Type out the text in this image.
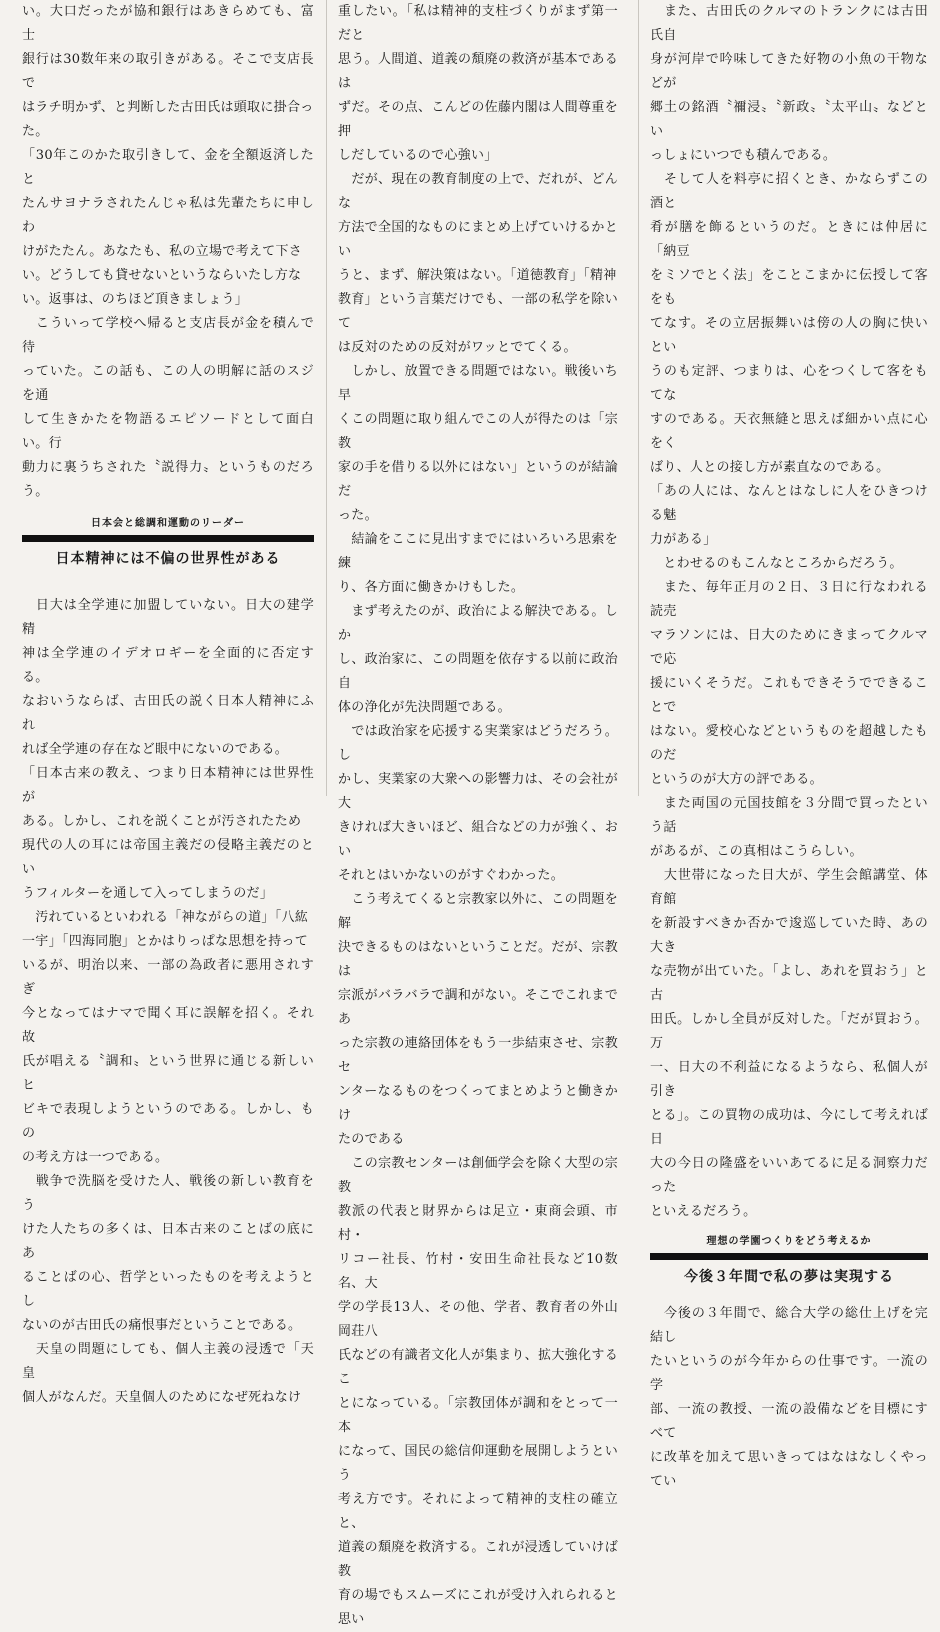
い。大口だったが協和銀行はあきらめても、富士
銀行は30数年来の取引きがある。そこで支店長で
はラチ明かず、と判断した古田氏は頭取に掛合っ
た。
「30年このかた取引きして、金を全額返済したと
たんサヨナラされたんじゃ私は先輩たちに申しわ
けがたたん。あなたも、私の立場で考えて下さ
い。どうしても貸せないというならいたし方な
い。返事は、のちほど頂きましょう」
　こういって学校へ帰ると支店長が金を積んで待
っていた。この話も、この人の明解に話のスジを通
して生きかたを物語るエピソードとして面白い。行
動力に裏うちされた〝説得力〟というものだろう。

日本会と総調和運動のリーダー
日本精神には不偏の世界性がある

　日大は全学連に加盟していない。日大の建学精
神は全学連のイデオロギーを全面的に否定する。
なおいうならば、古田氏の説く日本人精神にふれ
れば全学連の存在など眼中にないのである。
「日本古来の教え、つまり日本精神には世界性が
ある。しかし、これを説くことが汚されたため
現代の人の耳には帝国主義だの侵略主義だのとい
うフィルターを通して入ってしまうのだ」
　汚れているといわれる「神ながらの道」「八紘
一宇」「四海同胞」とかはりっぱな思想を持って
いるが、明治以来、一部の為政者に悪用されすぎ
今となってはナマで聞く耳に誤解を招く。それ故
氏が唱える〝調和〟という世界に通じる新しいヒ
ビキで表現しようというのである。しかし、もの
の考え方は一つである。
　戦争で洗脳を受けた人、戦後の新しい教育をう
けた人たちの多くは、日本古来のことばの底にあ
ることばの心、哲学といったものを考えようとし
ないのが古田氏の痛恨事だということである。
　天皇の問題にしても、個人主義の浸透で「天皇
個人がなんだ。天皇個人のためになぜ死ねなけ

重したい。「私は精神的支柱づくりがまず第一だと
思う。人間道、道義の頽廃の救済が基本であるは
ずだ。その点、こんどの佐藤内閣は人間尊重を押
しだしているので心強い」
　だが、現在の教育制度の上で、だれが、どんな
方法で全国的なものにまとめ上げていけるかとい
うと、まず、解決策はない。「道徳教育」「精神
教育」という言葉だけでも、一部の私学を除いて
は反対のための反対がワッとでてくる。
　しかし、放置できる問題ではない。戦後いち早
くこの問題に取り組んでこの人が得たのは「宗教
家の手を借りる以外にはない」というのが結論だ
った。
　結論をここに見出すまでにはいろいろ思索を練
り、各方面に働きかけもした。
　まず考えたのが、政治による解決である。しか
し、政治家に、この問題を依存する以前に政治自
体の浄化が先決問題である。
　では政治家を応援する実業家はどうだろう。し
かし、実業家の大衆への影響力は、その会社が大
きければ大きいほど、組合などの力が強く、おい
それとはいかないのがすぐわかった。
　こう考えてくると宗教家以外に、この問題を解
決できるものはないということだ。だが、宗教は
宗派がバラバラで調和がない。そこでこれまであ
った宗教の連絡団体をもう一歩結束させ、宗教セ
ンターなるものをつくってまとめようと働きかけ
たのである
　この宗教センターは創価学会を除く大型の宗教
教派の代表と財界からは足立・東商会頭、市村・
リコー社長、竹村・安田生命社長など10数名、大
学の学長13人、その他、学者、教育者の外山岡荘八
氏などの有識者文化人が集まり、拡大強化するこ
とになっている。「宗教団体が調和をとって一本
になって、国民の総信仰運動を展開しようという
考え方です。それによって精神的支柱の確立と、
道義の頽廃を救済する。これが浸透していけば教
育の場でもスムーズにこれが受け入れられると思い

　また、古田氏のクルマのトランクには古田氏自
身が河岸で吟味してきた好物の小魚の干物などが
郷土の銘酒〝禰浸〟〝新政〟〝太平山〟などとい
っしょにいつでも積んである。
　そして人を料亭に招くとき、かならずこの酒と
肴が膳を飾るというのだ。ときには仲居に「納豆
をミソでとく法」をことこまかに伝授して客をも
てなす。その立居振舞いは傍の人の胸に快いとい
うのも定評、つまりは、心をつくして客をもてな
すのである。天衣無縫と思えば細かい点に心をく
ばり、人との接し方が素直なのである。
「あの人には、なんとはなしに人をひきつける魅
力がある」
　とわせるのもこんなところからだろう。
　また、毎年正月の２日、３日に行なわれる読売
マラソンには、日大のためにきまってクルマで応
援にいくそうだ。これもできそうでできることで
はない。愛校心などというものを超越したものだ
というのが大方の評である。
　また両国の元国技館を３分間で買ったという話
があるが、この真相はこうらしい。
　大世帯になった日大が、学生会館講堂、体育館
を新設すべきか否かで逡巡していた時、あの大き
な売物が出ていた。「よし、あれを買おう」と古
田氏。しかし全員が反対した。「だが買おう。万
一、日大の不利益になるようなら、私個人が引き
とる」。この買物の成功は、今にして考えれば日
大の今日の隆盛をいいあてるに足る洞察力だった
といえるだろう。

理想の学園つくりをどう考えるか
今後３年間で私の夢は実現する

　今後の３年間で、総合大学の総仕上げを完結し
たいというのが今年からの仕事です。一流の学
部、一流の教授、一流の設備などを目標にすべて
に改革を加えて思いきってはなはなしくやってい
